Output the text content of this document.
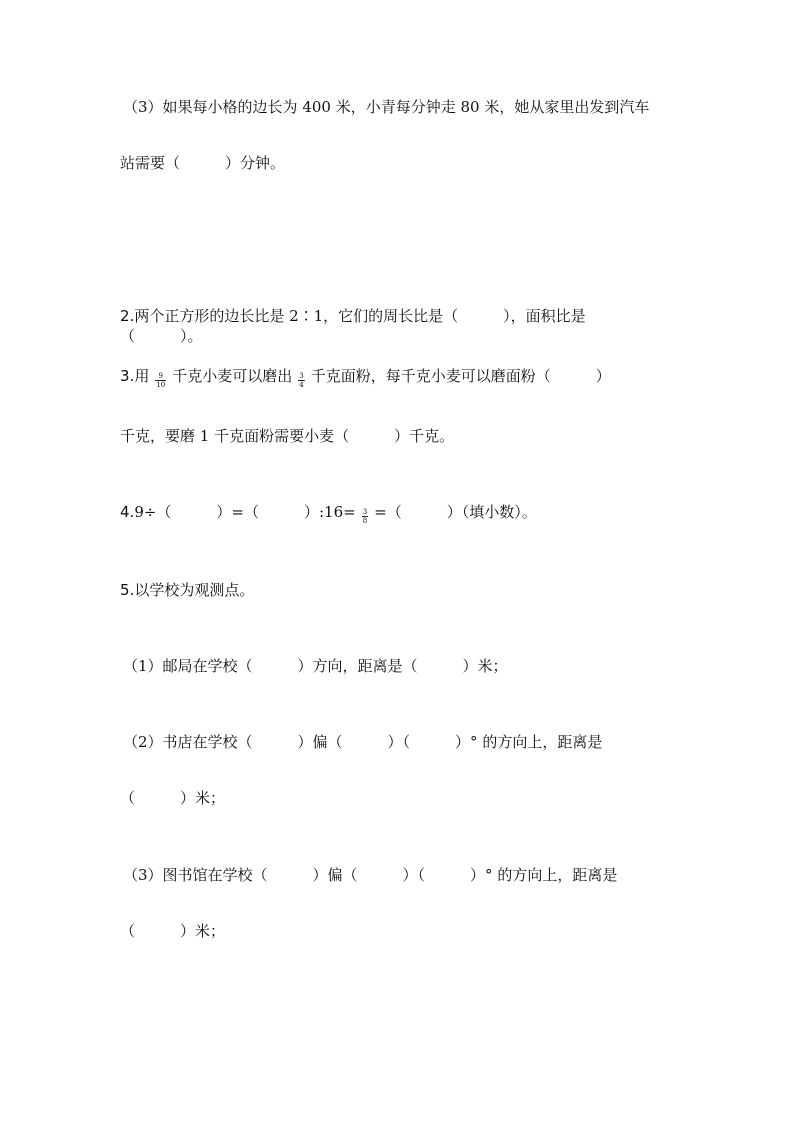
（3）如果每小格的边长为 400 米，小青每分钟走 80 米，她从家里出发到汽车
站需要（　　　）分钟。
2.两个正方形的边长比是 2∶1，它们的周长比是（　　　），面积比是
（　　　）。
3.用 $\frac{9}{10}$ 千克小麦可以磨出 $\frac{3}{4}$ 千克面粉，每千克小麦可以磨面粉（　　　）
千克，要磨 1 千克面粉需要小麦（　　　）千克。
4.9÷（　　　）=（　　　）:16= $\frac{3}{8}$ =（　　　）（填小数）。
5.以学校为观测点。
（1）邮局在学校（　　　）方向，距离是（　　　）米；
（2）书店在学校（　　　）偏（　　　）（　　　）° 的方向上，距离是
（　　　）米；
（3）图书馆在学校（　　　）偏（　　　）（　　　）° 的方向上，距离是
（　　　）米；
